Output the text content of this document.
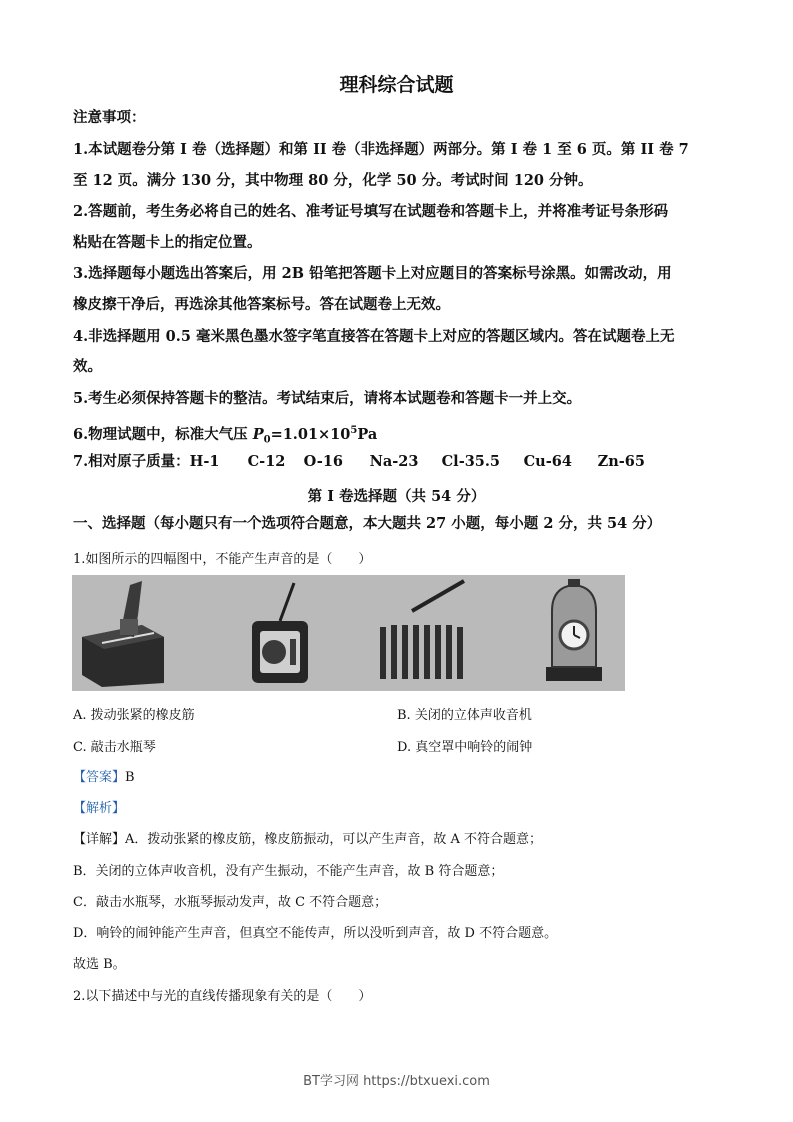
理科综合试题
注意事项：
1.本试题卷分第 I 卷（选择题）和第 II 卷（非选择题）两部分。第 I 卷 1 至 6 页。第 II 卷 7
至 12 页。满分 130 分，其中物理 80 分，化学 50 分。考试时间 120 分钟。
2.答题前，考生务必将自己的姓名、准考证号填写在试题卷和答题卡上，并将准考证号条形码
粘贴在答题卡上的指定位置。
3.选择题每小题选出答案后，用 2B 铅笔把答题卡上对应题目的答案标号涂黑。如需改动，用
橡皮擦干净后，再选涂其他答案标号。答在试题卷上无效。
4.非选择题用 0.5 毫米黑色墨水签字笔直接答在答题卡上对应的答题区域内。答在试题卷上无
效。
5.考生必须保持答题卡的整洁。考试结束后，请将本试题卷和答题卡一并上交。
6.物理试题中，标准大气压 $P_0=1.01\times 10^5Pa$
7.相对原子质量：H-1 C-12 O-16 Na-23 Cl-35.5 Cu-64 Zn-65
第 I 卷选择题（共 54 分）
一、选择题（每小题只有一个选项符合题意，本大题共 27 小题，每小题 2 分，共 54 分）
1.如图所示的四幅图中，不能产生声音的是（　　）
A. 拨动张紧的橡皮筋	B. 关闭的立体声收音机
C. 敲击水瓶琴	D. 真空罩中响铃的闹钟
【答案】B
【解析】
【详解】A．拨动张紧的橡皮筋，橡皮筋振动，可以产生声音，故 A 不符合题意；
B．关闭的立体声收音机，没有产生振动，不能产生声音，故 B 符合题意；
C．敲击水瓶琴，水瓶琴振动发声，故 C 不符合题意；
D．响铃的闹钟能产生声音，但真空不能传声，所以没听到声音，故 D 不符合题意。
故选 B。
2.以下描述中与光的直线传播现象有关的是（　　）
BT学习网 https://btxuexi.com
